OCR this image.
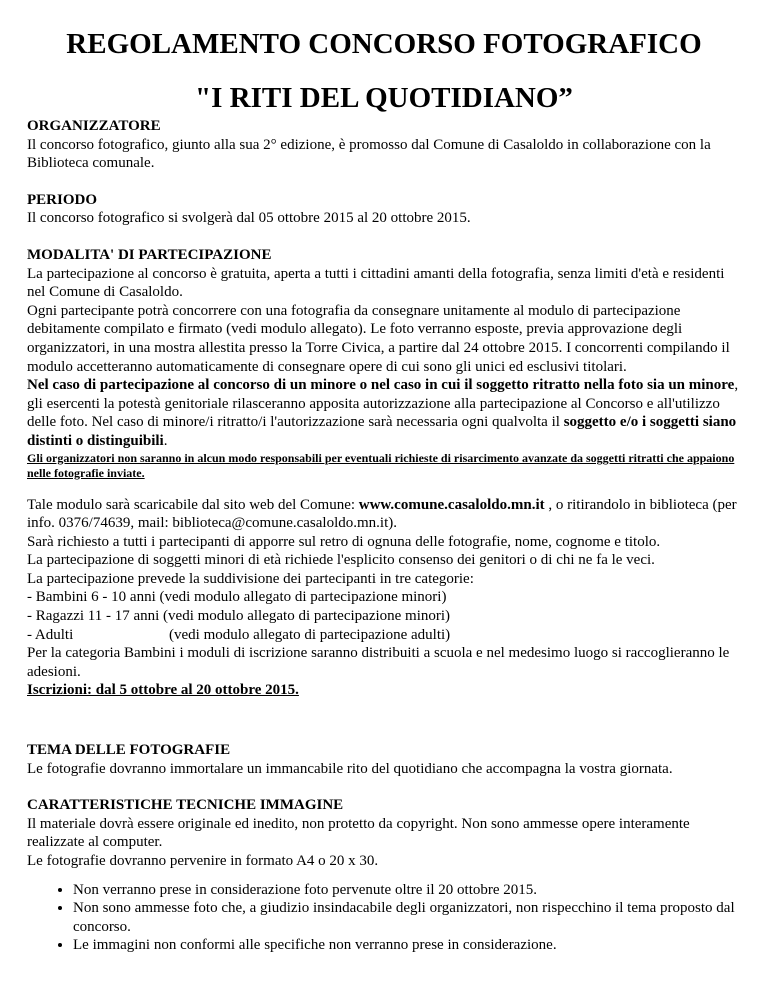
REGOLAMENTO CONCORSO FOTOGRAFICO
"I RITI DEL QUOTIDIANO”

ORGANIZZATORE

Il concorso fotografico, giunto alla sua 2° edizione, è promosso dal Comune di Casaloldo in collaborazione con la Biblioteca comunale.

PERIODO

Il concorso fotografico si svolgerà dal 05 ottobre 2015 al 20 ottobre 2015.

MODALITA' DI PARTECIPAZIONE

La partecipazione al concorso è gratuita, aperta a tutti i cittadini amanti della fotografia, senza limiti d'età e residenti nel Comune di Casaloldo.

Ogni partecipante potrà concorrere con una fotografia da consegnare unitamente al modulo di partecipazione debitamente compilato e firmato (vedi modulo allegato). Le foto verranno esposte, previa approvazione degli organizzatori, in una mostra allestita presso la Torre Civica, a partire dal 24 ottobre 2015. I concorrenti compilando il modulo accetteranno automaticamente di consegnare opere di cui sono gli unici ed esclusivi titolari.

Nel caso di partecipazione al concorso di un minore o nel caso in cui il soggetto ritratto nella foto sia un minore, gli esercenti la potestà genitoriale rilasceranno apposita autorizzazione alla partecipazione al Concorso e all'utilizzo delle foto. Nel caso di minore/i ritratto/i l'autorizzazione sarà necessaria ogni qualvolta il soggetto e/o i soggetti siano distinti o distinguibili.

Gli organizzatori non saranno in alcun modo responsabili per eventuali richieste di risarcimento avanzate da soggetti ritratti che appaiono nelle fotografie inviate.

Tale modulo sarà scaricabile dal sito web del Comune: www.comune.casaloldo.mn.it , o ritirandolo in biblioteca (per info. 0376/74639, mail: biblioteca@comune.casaloldo.mn.it).

Sarà richiesto a tutti i partecipanti di apporre sul retro di ognuna delle fotografie, nome, cognome e titolo.

La partecipazione di soggetti minori di età richiede l'esplicito consenso dei genitori o di chi ne fa le veci.

La partecipazione prevede la suddivisione dei partecipanti in tre categorie:

- Bambini 6 - 10 anni (vedi modulo allegato di partecipazione minori)

- Ragazzi 11 - 17 anni (vedi modulo allegato di partecipazione minori)

- Adulti	(vedi modulo allegato di partecipazione adulti)

Per la categoria Bambini i moduli di iscrizione saranno distribuiti a scuola e nel medesimo luogo si raccoglieranno le adesioni.

Iscrizioni: dal 5 ottobre al 20 ottobre 2015.

TEMA DELLE FOTOGRAFIE

Le fotografie dovranno immortalare un immancabile rito del quotidiano che accompagna la vostra giornata.

CARATTERISTICHE TECNICHE IMMAGINE

Il materiale dovrà essere originale ed inedito, non protetto da copyright. Non sono ammesse opere interamente realizzate al computer.

Le fotografie dovranno pervenire in formato A4 o 20 x 30.

• Non verranno prese in considerazione foto pervenute oltre il 20 ottobre 2015.
• Non sono ammesse foto che, a giudizio insindacabile degli organizzatori, non rispecchino il tema proposto dal concorso.
• Le immagini non conformi alle specifiche non verranno prese in considerazione.
